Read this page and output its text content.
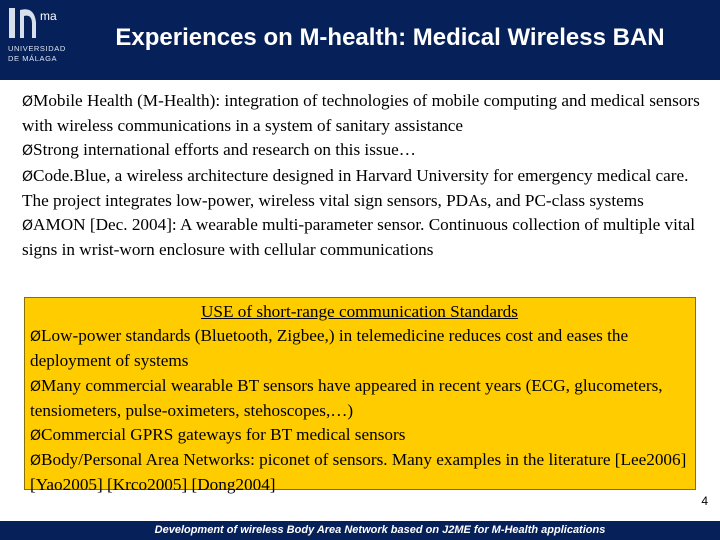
ma
UNIVERSIDAD
DE MÁLAGA
Experiences on M-health: Medical Wireless BAN

ØMobile Health (M-Health): integration of technologies of mobile computing and medical sensors with wireless communications in a system of sanitary assistance

ØStrong international efforts and research on this issue…

ØCode.Blue, a wireless architecture designed in Harvard University for emergency medical care. The project integrates low-power, wireless vital sign sensors, PDAs, and PC-class systems

ØAMON [Dec. 2004]: A wearable multi-parameter sensor. Continuous collection of multiple vital signs in wrist-worn enclosure with cellular communications

USE of short-range communication Standards

ØLow-power standards (Bluetooth, Zigbee,) in telemedicine reduces cost and eases the deployment of systems

ØMany commercial wearable BT sensors have appeared in recent years (ECG, glucometers, tensiometers, pulse-oximeters, stehoscopes,…)

ØCommercial GPRS gateways for BT medical sensors

ØBody/Personal Area Networks: piconet of sensors. Many examples in the literature [Lee2006] [Yao2005] [Krco2005] [Dong2004]

4
Development of wireless Body Area Network based on J2ME for M-Health applications
